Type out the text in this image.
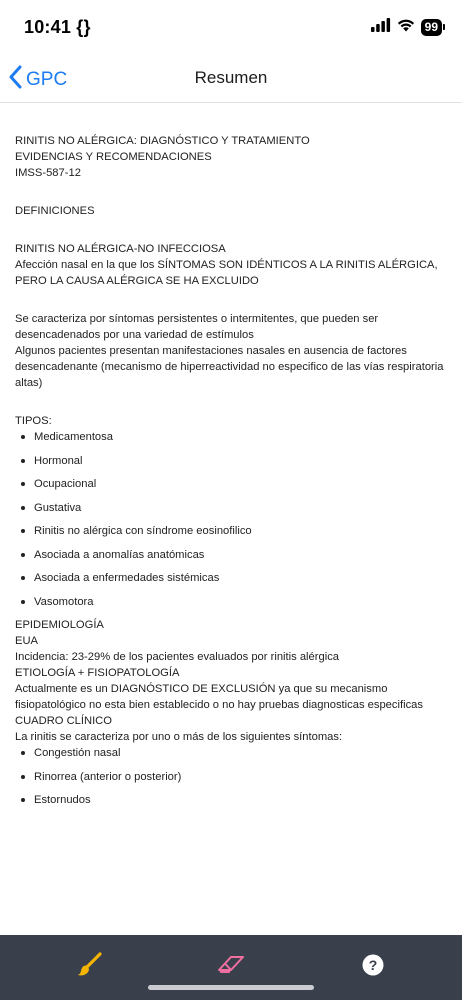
10:41 {}	99
GPC	Resumen

RINITIS NO ALÉRGICA: DIAGNÓSTICO Y TRATAMIENTO

EVIDENCIAS Y RECOMENDACIONES

IMSS-587-12

DEFINICIONES

RINITIS NO ALÉRGICA-NO INFECCIOSA

Afección nasal en la que los SÍNTOMAS SON IDÉNTICOS A LA RINITIS ALÉRGICA, PERO LA CAUSA ALÉRGICA SE HA EXCLUIDO

Se caracteriza por síntomas persistentes o intermitentes, que pueden ser desencadenados por una variedad de estímulos

Algunos pacientes presentan manifestaciones nasales en ausencia de factores desencadenante (mecanismo de hiperreactividad no especifico de las vías respiratoria altas)

TIPOS:

Medicamentosa
Hormonal
Ocupacional
Gustativa
Rinitis no alérgica con síndrome eosinofilico
Asociada a anomalías anatómicas
Asociada a enfermedades sistémicas
Vasomotora

EPIDEMIOLOGÍA

EUA

Incidencia: 23-29% de los pacientes evaluados por rinitis alérgica

ETIOLOGÍA + FISIOPATOLOGÍA

Actualmente es un DIAGNÓSTICO DE EXCLUSIÓN ya que su mecanismo fisiopatológico no esta bien establecido o no hay pruebas diagnosticas especificas

CUADRO CLÍNICO

La rinitis se caracteriza por uno o más de los siguientes síntomas:

Congestión nasal
Rinorrea (anterior o posterior)
Estornudos
?
